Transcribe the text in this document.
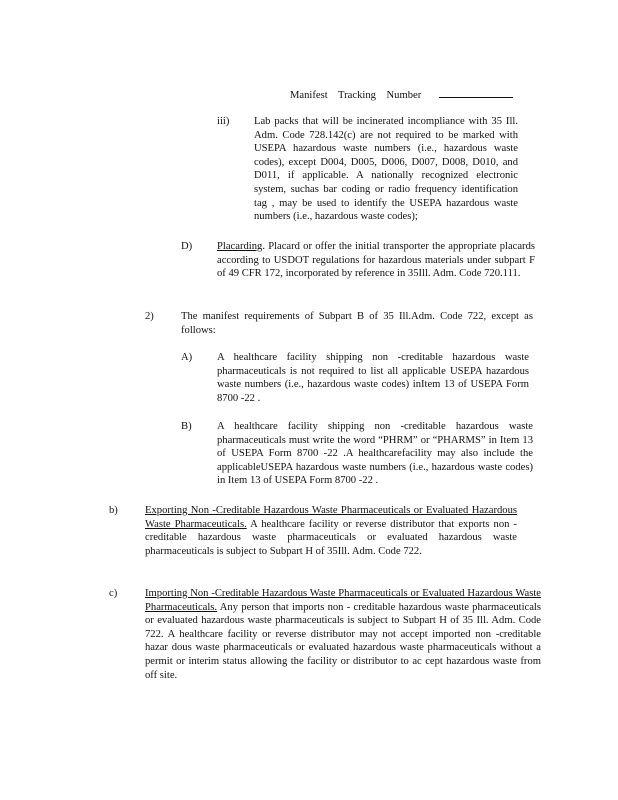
Manifest    Tracking    Number
iii) Lab packs that will be incinerated incompliance with 35 Ill. Adm. Code 728.142(c) are not required to be marked with USEPA hazardous waste numbers (i.e., hazardous waste codes), except D004, D005, D006, D007, D008, D010, and D011, if applicable. A nationally recognized electronic system, suchas bar coding or radio frequency identification tag , may be used to identify the USEPA hazardous waste numbers (i.e., hazardous waste codes);
D) Placarding. Placard or offer the initial transporter the appropriate placards according to USDOT regulations for hazardous materials under subpart F of 49 CFR 172, incorporated by reference in 35Ill. Adm. Code 720.111.
2)	The manifest requirements of Subpart B of 35 Ill.Adm. Code 722, except as follows:
A) A healthcare facility shipping non -creditable hazardous waste pharmaceuticals is not required to list all applicable USEPA hazardous waste numbers (i.e., hazardous waste codes) inItem 13 of USEPA Form 8700 -22 .
B) A healthcare facility shipping non -creditable hazardous waste pharmaceuticals must write the word “PHRM” or “PHARMS” in Item 13 of USEPA Form 8700 -22 .A healthcarefacility may also include the applicableUSEPA hazardous waste numbers (i.e., hazardous waste codes) in Item 13 of USEPA Form 8700 -22 .
b)	Exporting Non -Creditable Hazardous Waste Pharmaceuticals or Evaluated Hazardous Waste Pharmaceuticals. A healthcare facility or reverse distributor that exports non -creditable hazardous waste pharmaceuticals or evaluated hazardous waste pharmaceuticals is subject to Subpart H of 35Ill. Adm. Code 722.
c)	Importing Non -Creditable Hazardous Waste Pharmaceuticals or Evaluated Hazardous Waste Pharmaceuticals. Any person that imports non - creditable hazardous waste pharmaceuticals or evaluated hazardous waste pharmaceuticals is subject to Subpart H of 35 Ill. Adm. Code 722. A healthcare facility or reverse distributor may not accept imported non -creditable hazar dous waste pharmaceuticals or evaluated hazardous waste pharmaceuticals without a permit or interim status allowing the facility or distributor to ac cept hazardous waste from off site.
